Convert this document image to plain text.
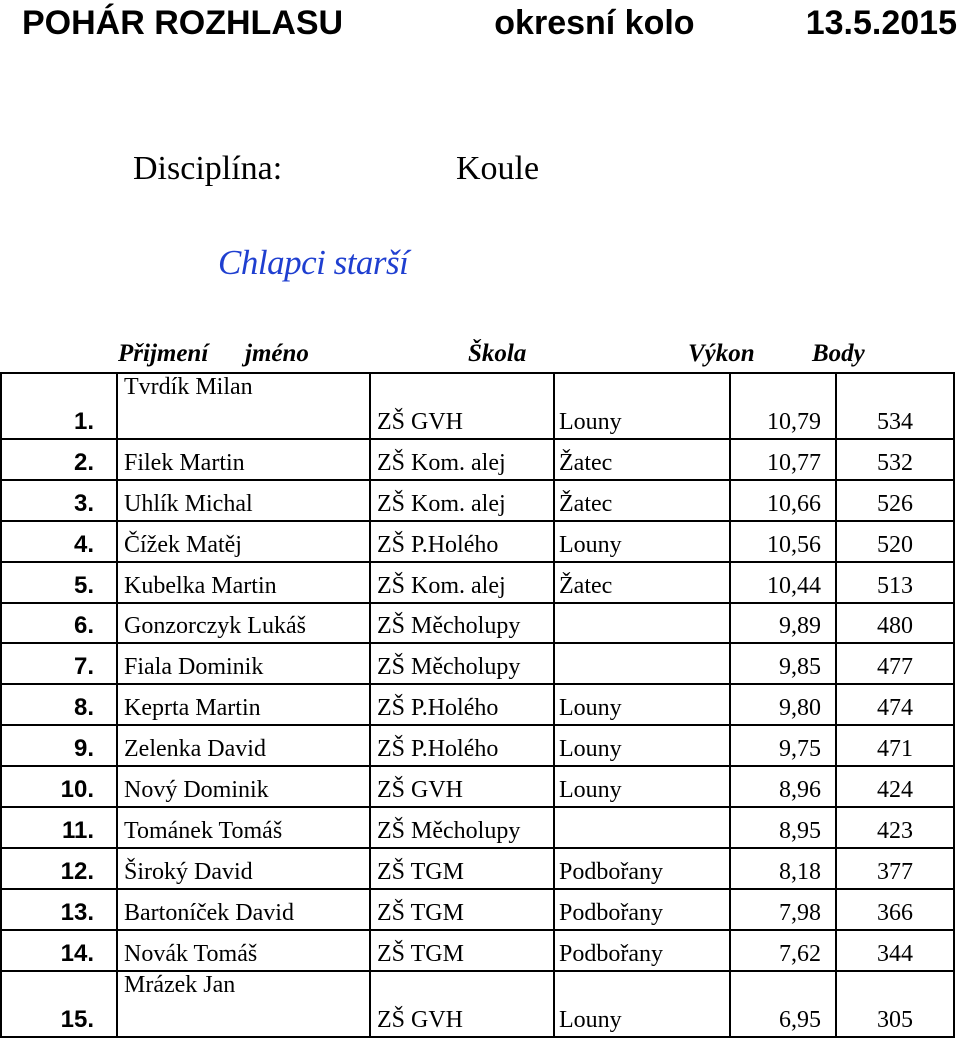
POHÁR ROZHLASU	okresní kolo	13.5.2015
Disciplína:	Koule
Chlapci starší
Přijmení jméno	Škola	Výkon Body
1.	Tvrdík Milan	ZŠ GVH	Louny	10,79	534
2.	Filek Martin	ZŠ Kom. alej	Žatec	10,77	532
3.	Uhlík Michal	ZŠ Kom. alej	Žatec	10,66	526
4.	Čížek Matěj	ZŠ P.Holého	Louny	10,56	520
5.	Kubelka Martin	ZŠ Kom. alej	Žatec	10,44	513
6.	Gonzorczyk Lukáš	ZŠ Měcholupy		9,89	480
7.	Fiala Dominik	ZŠ Měcholupy		9,85	477
8.	Keprta Martin	ZŠ P.Holého	Louny	9,80	474
9.	Zelenka David	ZŠ P.Holého	Louny	9,75	471
10.	Nový Dominik	ZŠ GVH	Louny	8,96	424
11.	Tománek Tomáš	ZŠ Měcholupy		8,95	423
12.	Široký David	ZŠ TGM	Podbořany	8,18	377
13.	Bartoníček David	ZŠ TGM	Podbořany	7,98	366
14.	Novák Tomáš	ZŠ TGM	Podbořany	7,62	344
15.	Mrázek Jan	ZŠ GVH	Louny	6,95	305
